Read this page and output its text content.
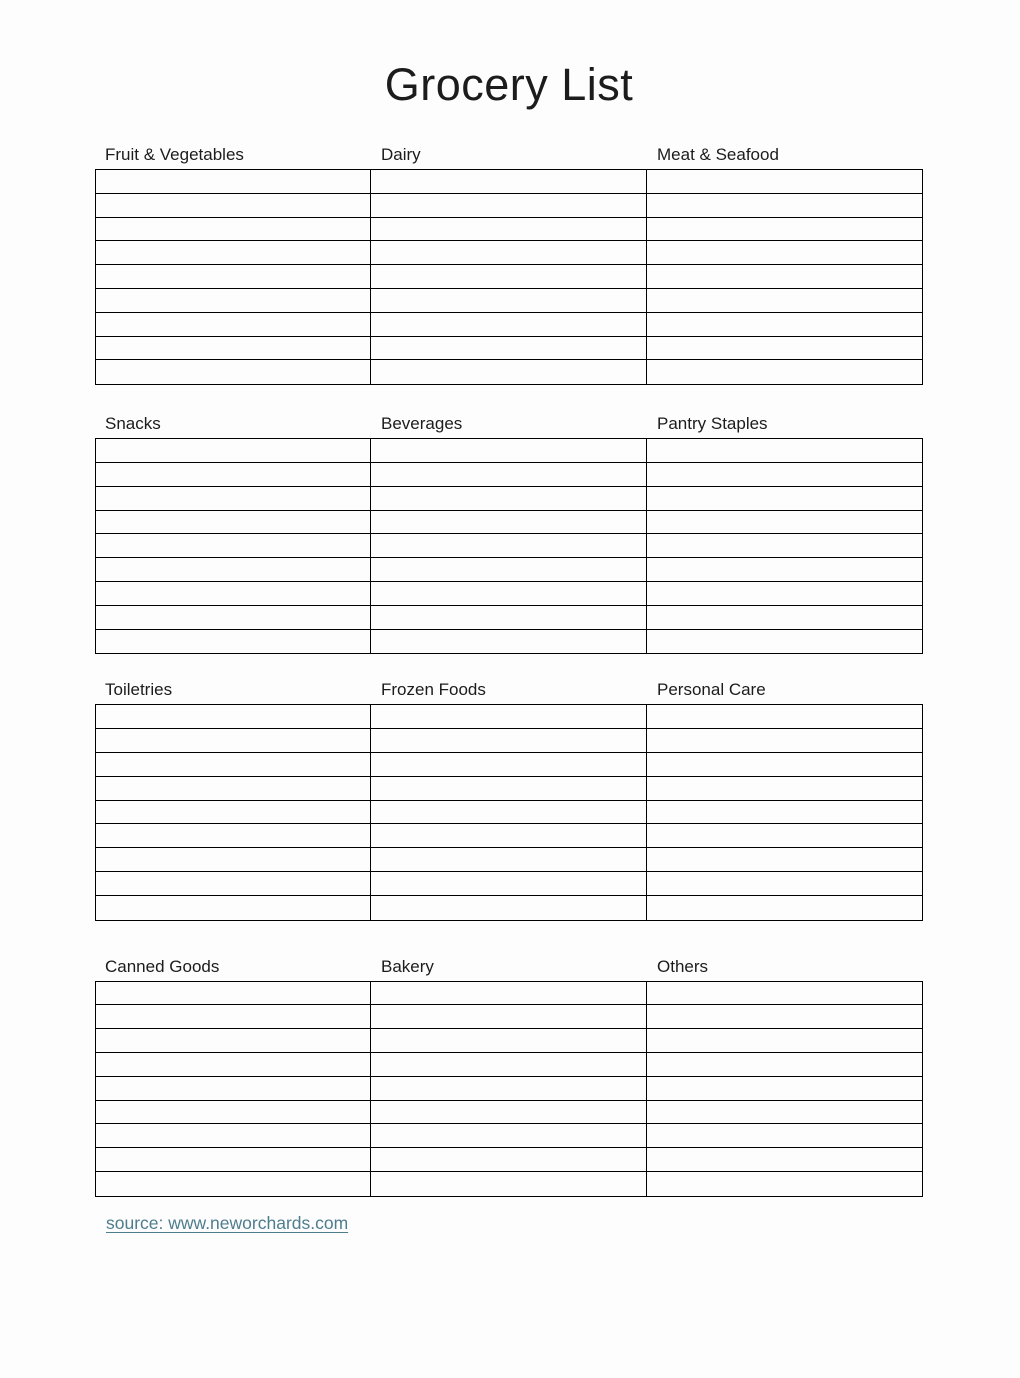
Grocery List
Fruit & Vegetables	Dairy	Meat & Seafood
Snacks	Beverages	Pantry Staples
Toiletries	Frozen Foods	Personal Care
Canned Goods	Bakery	Others
source: www.neworchards.com
